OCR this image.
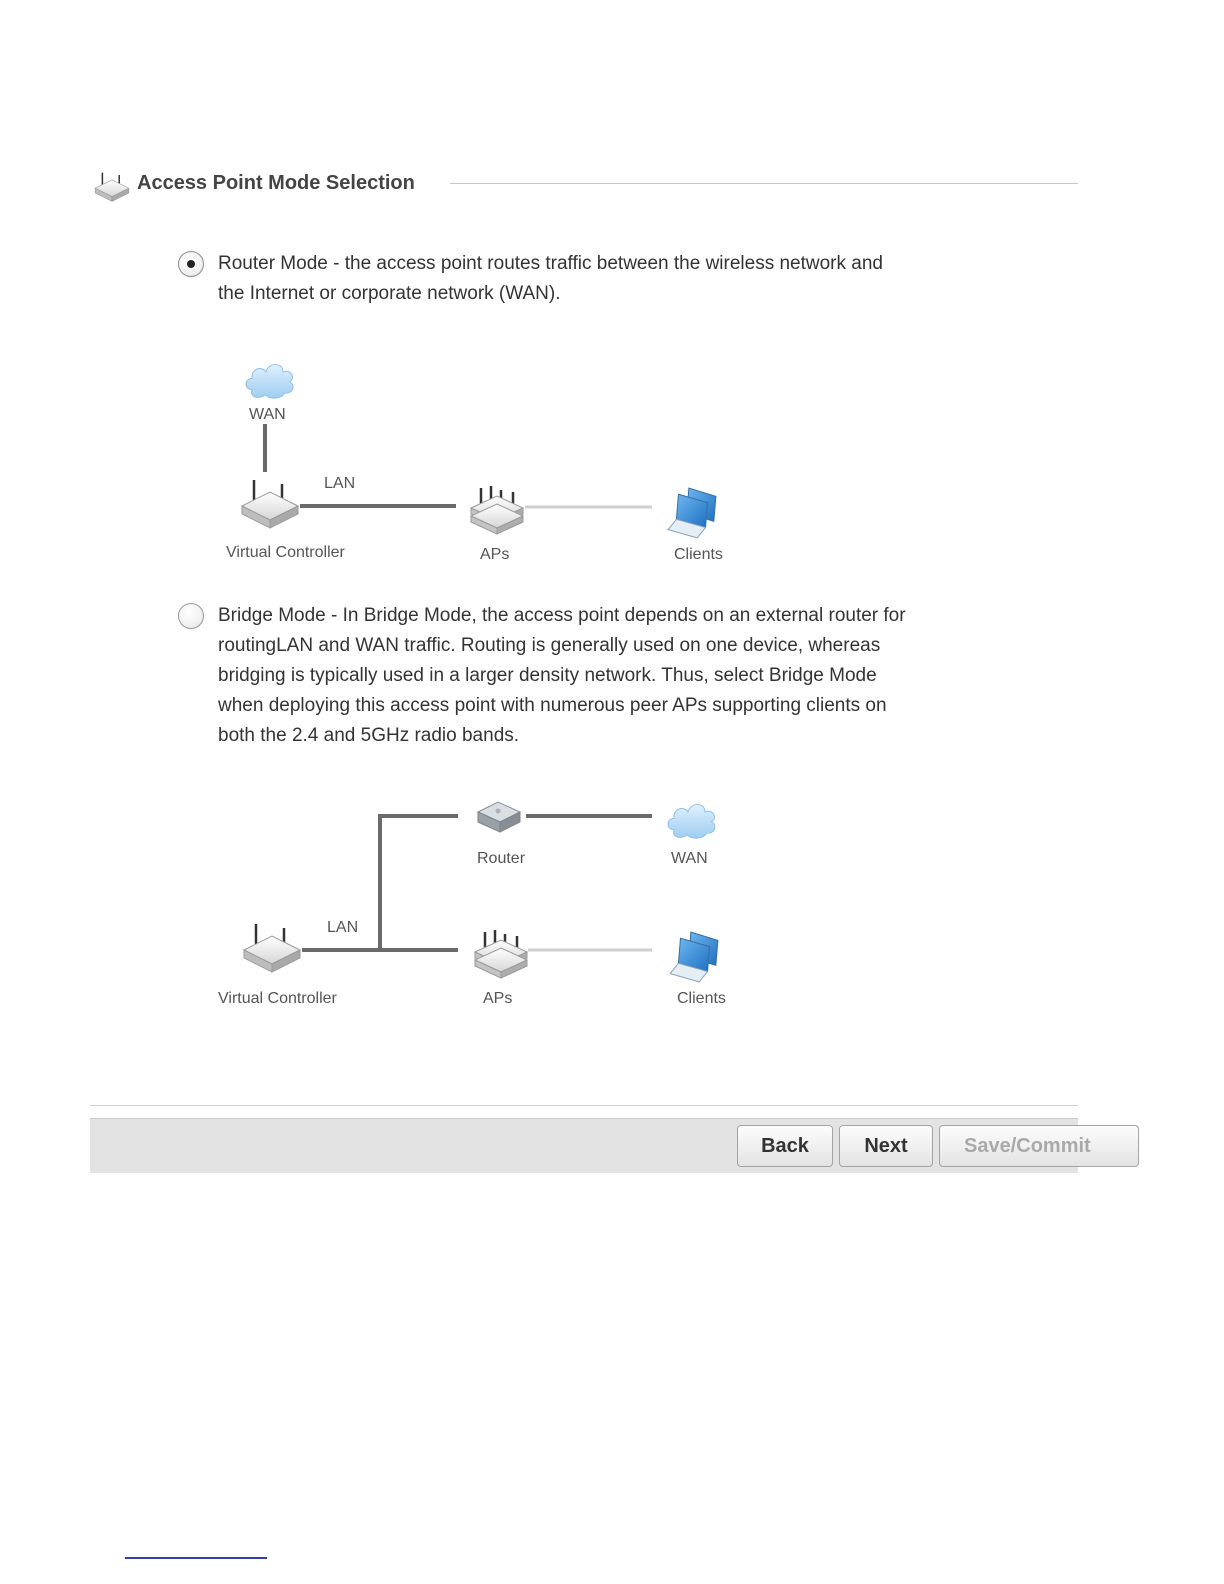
Access Point Mode Selection
Router Mode - the access point routes traffic between the wireless network and
the Internet or corporate network (WAN).
WAN
LAN
Virtual Controller	APs	Clients
Bridge Mode - In Bridge Mode, the access point depends on an external router for
routingLAN and WAN traffic. Routing is generally used on one device, whereas
bridging is typically used in a larger density network. Thus, select Bridge Mode
when deploying this access point with numerous peer APs supporting clients on
both the 2.4 and 5GHz radio bands.
Router	WAN
LAN
Virtual Controller	APs	Clients
Back	Next	Save/Commit
